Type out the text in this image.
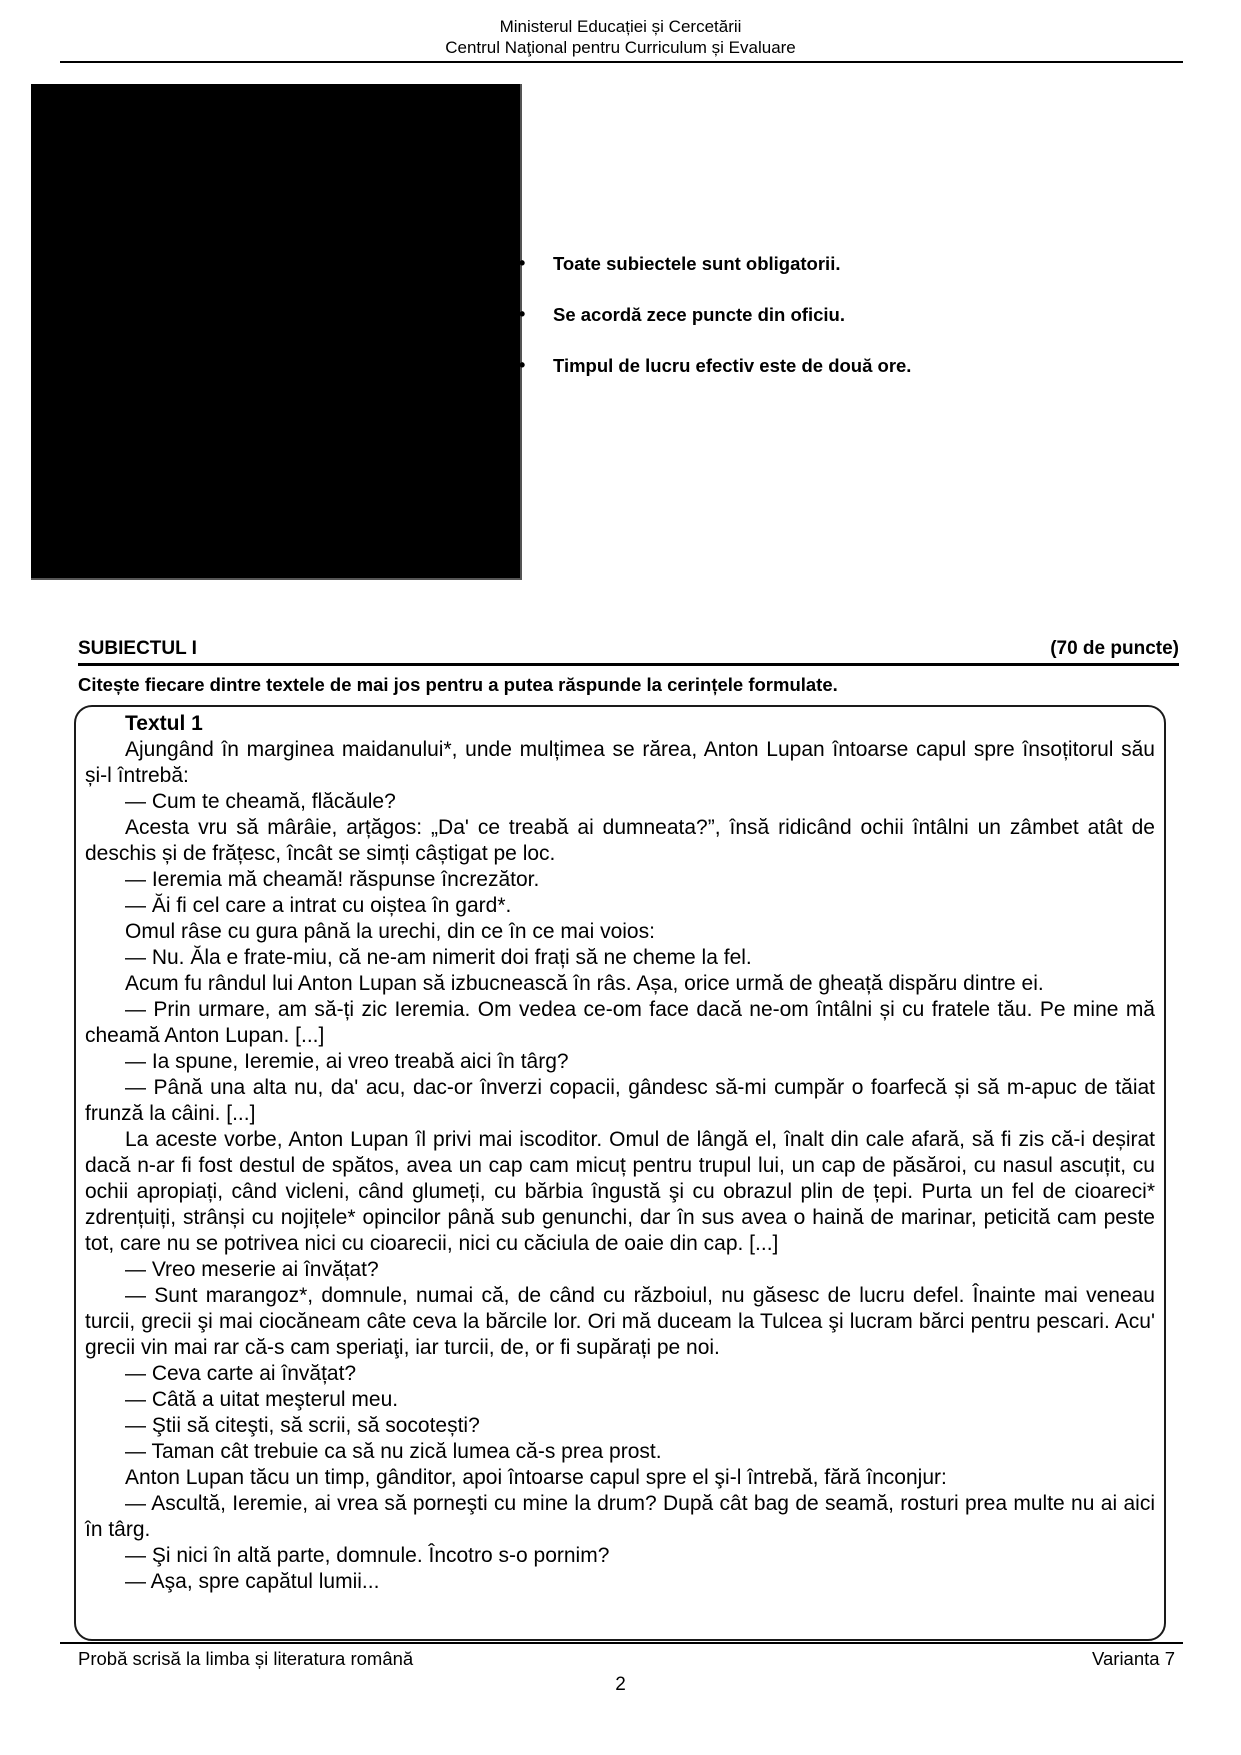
Ministerul Educației și Cercetării
Centrul Naţional pentru Curriculum și Evaluare
•	Toate subiectele sunt obligatorii.
•	Se acordă zece puncte din oficiu.
•	Timpul de lucru efectiv este de două ore.
SUBIECTUL I	(70 de puncte)
Citește fiecare dintre textele de mai jos pentru a putea răspunde la cerințele formulate.

Textul 1

Ajungând în marginea maidanului*, unde mulțimea se rărea, Anton Lupan întoarse capul spre însoțitorul său și-l întrebă:

— Cum te cheamă, flăcăule?

Acesta vru să mârâie, arțăgos: „Da' ce treabă ai dumneata?”, însă ridicând ochii întâlni un zâmbet atât de deschis și de frățesc, încât se simți câștigat pe loc.

— Ieremia mă cheamă! răspunse încrezător.

— Ăi fi cel care a intrat cu oiștea în gard*.

Omul râse cu gura până la urechi, din ce în ce mai voios:

— Nu. Ăla e frate-miu, că ne-am nimerit doi frați să ne cheme la fel.

Acum fu rândul lui Anton Lupan să izbucnească în râs. Așa, orice urmă de gheață dispăru dintre ei.

— Prin urmare, am să-ți zic Ieremia. Om vedea ce-om face dacă ne-om întâlni și cu fratele tău. Pe mine mă cheamă Anton Lupan. [...]

— Ia spune, Ieremie, ai vreo treabă aici în târg?

— Până una alta nu, da' acu, dac-or înverzi copacii, gândesc să-mi cumpăr o foarfecă și să m-apuc de tăiat frunză la câini. [...]

La aceste vorbe, Anton Lupan îl privi mai iscoditor. Omul de lângă el, înalt din cale afară, să fi zis că-i deșirat dacă n-ar fi fost destul de spătos, avea un cap cam micuț pentru trupul lui, un cap de păsăroi, cu nasul ascuțit, cu ochii apropiați, când vicleni, când glumeți, cu bărbia îngustă şi cu obrazul plin de țepi. Purta un fel de cioareci* zdrențuiți, strânși cu nojițele* opincilor până sub genunchi, dar în sus avea o haină de marinar, peticită cam peste tot, care nu se potrivea nici cu cioarecii, nici cu căciula de oaie din cap. [...]

— Vreo meserie ai învățat?

— Sunt marangoz*, domnule, numai că, de când cu războiul, nu găsesc de lucru defel. Înainte mai veneau turcii, grecii şi mai ciocăneam câte ceva la bărcile lor. Ori mă duceam la Tulcea şi lucram bărci pentru pescari. Acu' grecii vin mai rar că-s cam speriaţi, iar turcii, de, or fi supărați pe noi.

— Ceva carte ai învățat?

— Câtă a uitat meşterul meu.

— Ştii să citeşti, să scrii, să socotești?

— Taman cât trebuie ca să nu zică lumea că-s prea prost.

Anton Lupan tăcu un timp, gânditor, apoi întoarse capul spre el şi-l întrebă, fără înconjur:

— Ascultă, Ieremie, ai vrea să porneşti cu mine la drum? După cât bag de seamă, rosturi prea multe nu ai aici în târg.

— Şi nici în altă parte, domnule. Încotro s-o pornim?

— Aşa, spre capătul lumii...

Probă scrisă la limba și literatura română	Varianta 7
2
